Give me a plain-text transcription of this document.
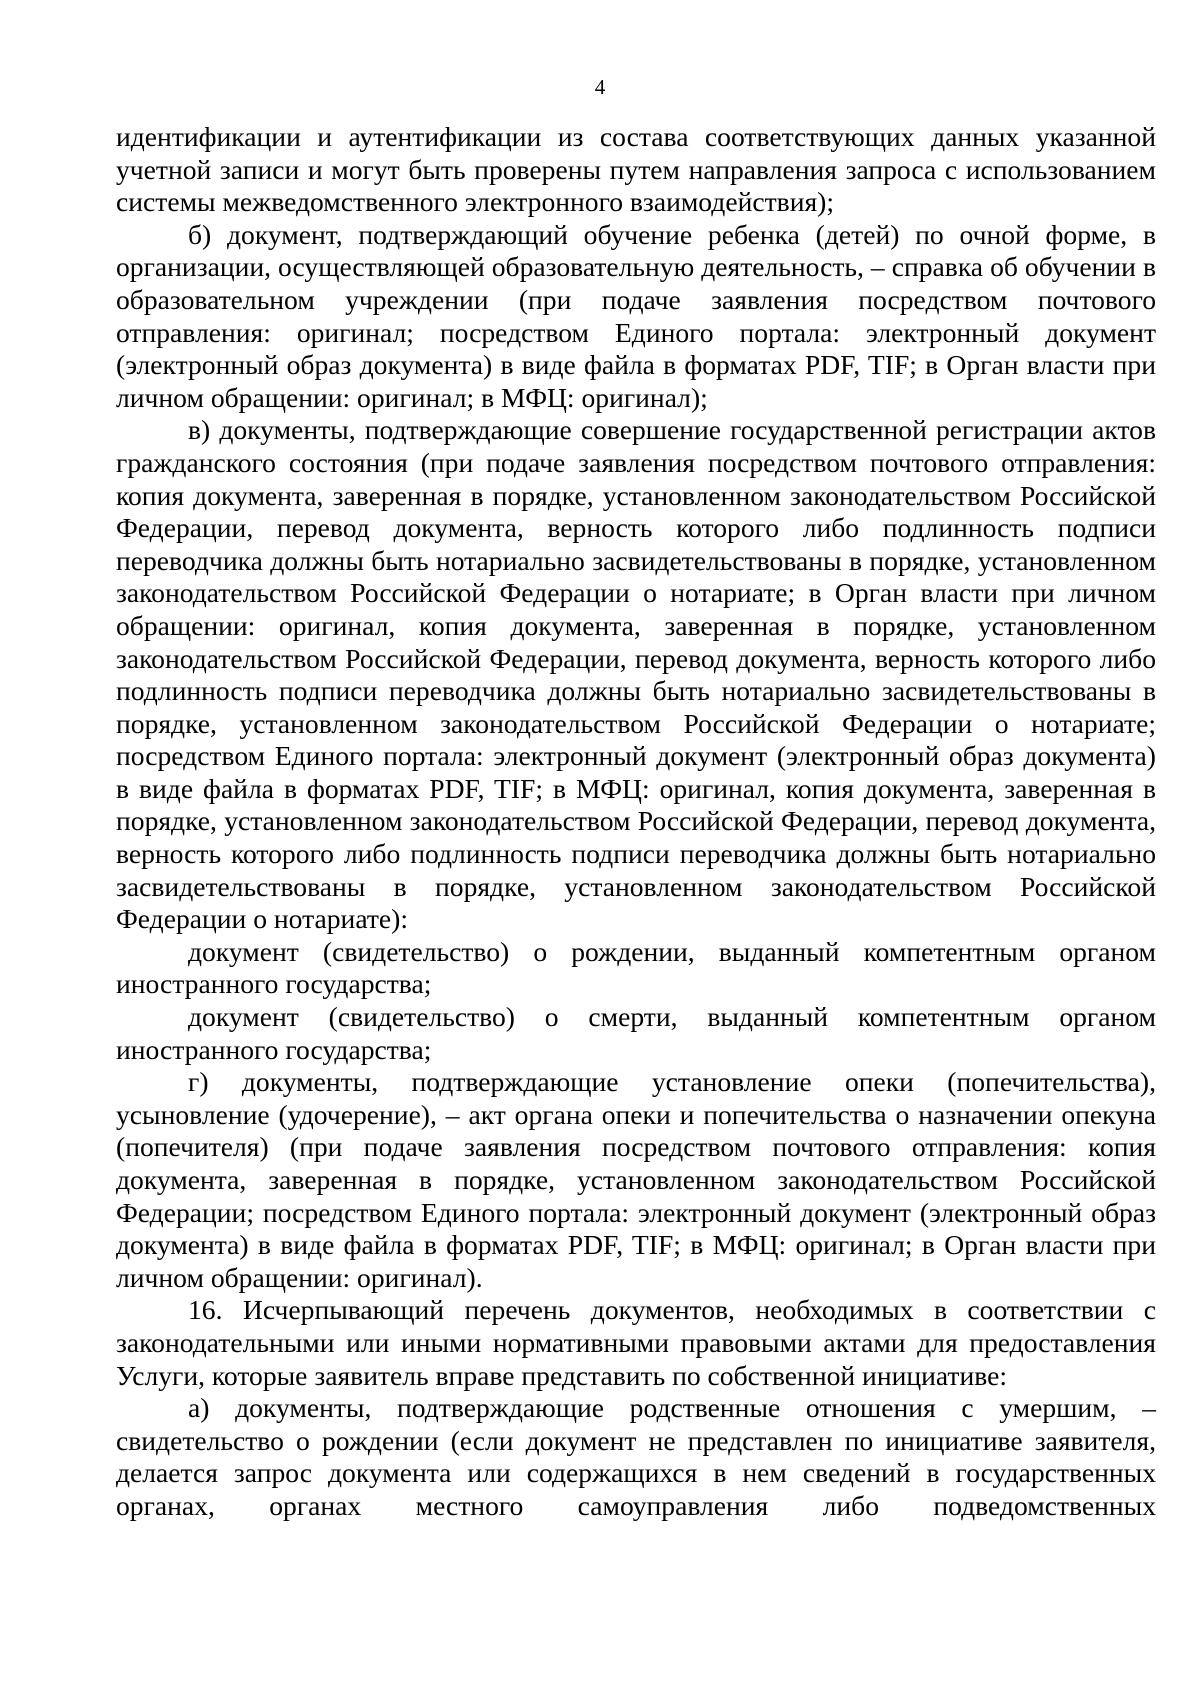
4

идентификации и аутентификации из состава соответствующих данных указанной учетной записи и могут быть проверены путем направления запроса с использованием системы межведомственного электронного взаимодействия);

б) документ, подтверждающий обучение ребенка (детей) по очной форме, в организации, осуществляющей образовательную деятельность, – справка об обучении в образовательном учреждении (при подаче заявления посредством почтового отправления: оригинал; посредством Единого портала: электронный документ (электронный образ документа) в виде файла в форматах PDF, TIF; в Орган власти при личном обращении: оригинал; в МФЦ: оригинал);

в) документы, подтверждающие совершение государственной регистрации актов гражданского состояния (при подаче заявления посредством почтового отправления: копия документа, заверенная в порядке, установленном законодательством Российской Федерации, перевод документа, верность которого либо подлинность подписи переводчика должны быть нотариально засвидетельствованы в порядке, установленном законодательством Российской Федерации о нотариате; в Орган власти при личном обращении: оригинал, копия документа, заверенная в порядке, установленном законодательством Российской Федерации, перевод документа, верность которого либо подлинность подписи переводчика должны быть нотариально засвидетельствованы в порядке, установленном законодательством Российской Федерации о нотариате; посредством Единого портала: электронный документ (электронный образ документа) в виде файла в форматах PDF, TIF; в МФЦ: оригинал, копия документа, заверенная в порядке, установленном законодательством Российской Федерации, перевод документа, верность которого либо подлинность подписи переводчика должны быть нотариально засвидетельствованы в порядке, установленном законодательством Российской Федерации о нотариате):

документ (свидетельство) о рождении, выданный компетентным органом иностранного государства;

документ (свидетельство) о смерти, выданный компетентным органом иностранного государства;

г) документы, подтверждающие установление опеки (попечительства), усыновление (удочерение), – акт органа опеки и попечительства о назначении опекуна (попечителя) (при подаче заявления посредством почтового отправления: копия документа, заверенная в порядке, установленном законодательством Российской Федерации; посредством Единого портала: электронный документ (электронный образ документа) в виде файла в форматах PDF, TIF; в МФЦ: оригинал; в Орган власти при личном обращении: оригинал).

16. Исчерпывающий перечень документов, необходимых в соответствии с законодательными или иными нормативными правовыми актами для предоставления Услуги, которые заявитель вправе представить по собственной инициативе:

а) документы, подтверждающие родственные отношения с умершим, – свидетельство о рождении (если документ не представлен по инициативе заявителя, делается запрос документа или содержащихся в нем сведений в государственных органах, органах местного самоуправления либо подведомственных
